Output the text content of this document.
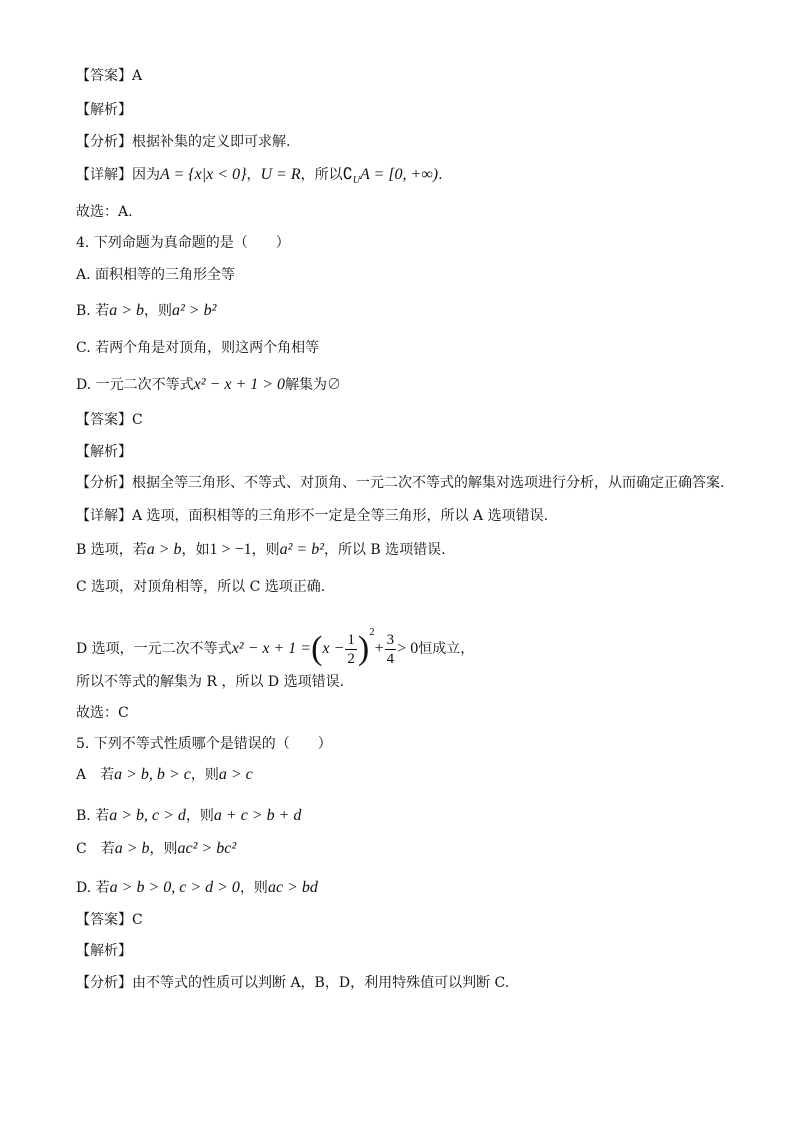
【答案】A
【解析】
【分析】根据补集的定义即可求解.
【详解】因为A = {x|x < 0}，U = R，所以$∁_UA = [0$, +∞).
故选：A.
4. 下列命题为真命题的是（　　）
A. 面积相等的三角形全等
B. 若a > b，则a² > b²
C. 若两个角是对顶角，则这两个角相等
D. 一元二次不等式x² − x + 1 > 0解集为∅
【答案】C
【解析】
【分析】根据全等三角形、不等式、对顶角、一元二次不等式的解集对选项进行分析，从而确定正确答案.
【详解】A 选项，面积相等的三角形不一定是全等三角形，所以 A 选项错误.
B 选项，若a > b，如1 > −1，则a² = b²，所以 B 选项错误.
C 选项，对顶角相等，所以 C 选项正确.
D 选项，一元二次不等式$x^2 - x + 1 =(x - \frac{1}{2} )^2+ \frac{3}{4} > 0$恒成立，
所以不等式的解集为 R ，所以 D 选项错误.
故选：C
5. 下列不等式性质哪个是错误的（　　）
A　若a > b, b > c，则a > c
B. 若a > b, c > d，则a + c > b + d
C　若a > b，则ac² > bc²
D. 若a > b > 0, c > d > 0，则ac > bd
【答案】C
【解析】
【分析】由不等式的性质可以判断 A，B，D，利用特殊值可以判断 C.
